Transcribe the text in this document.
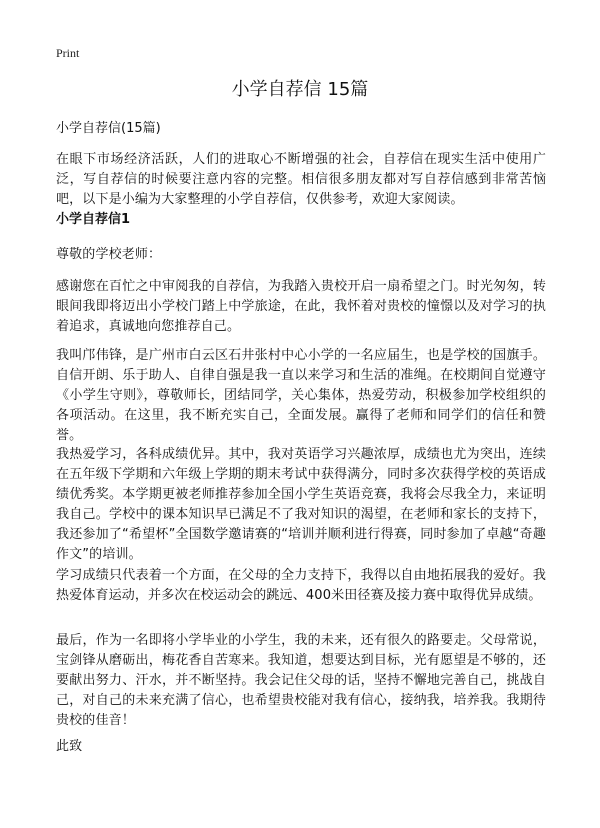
Print
小学自荐信 15篇
小学自荐信(15篇)
在眼下市场经济活跃，人们的进取心不断增强的社会，自荐信在现实生活中使用广泛，写自荐信的时候要注意内容的完整。相信很多朋友都对写自荐信感到非常苦恼吧，以下是小编为大家整理的小学自荐信，仅供参考，欢迎大家阅读。
小学自荐信1
尊敬的学校老师：
感谢您在百忙之中审阅我的自荐信，为我踏入贵校开启一扇希望之门。时光匆匆，转眼间我即将迈出小学校门踏上中学旅途，在此，我怀着对贵校的憧憬以及对学习的执着追求，真诚地向您推荐自己。
我叫邝伟锋，是广州市白云区石井张村中心小学的一名应届生，也是学校的国旗手。自信开朗、乐于助人、自律自强是我一直以来学习和生活的准绳。在校期间自觉遵守《小学生守则》，尊敬师长，团结同学，关心集体，热爱劳动，积极参加学校组织的各项活动。在这里，我不断充实自己，全面发展。赢得了老师和同学们的信任和赞誉。
我热爱学习，各科成绩优异。其中，我对英语学习兴趣浓厚，成绩也尤为突出，连续在五年级下学期和六年级上学期的期末考试中获得满分，同时多次获得学校的英语成绩优秀奖。本学期更被老师推荐参加全国小学生英语竞赛，我将会尽我全力，来证明我自己。学校中的课本知识早已满足不了我对知识的渴望，在老师和家长的支持下，我还参加了“希望杯”全国数学邀请赛的“培训并顺利进行得赛，同时参加了卓越“奇趣作文”的培训。
学习成绩只代表着一个方面，在父母的全力支持下，我得以自由地拓展我的爱好。我热爱体育运动，并多次在校运动会的跳远、400米田径赛及接力赛中取得优异成绩。
最后，作为一名即将小学毕业的小学生，我的未来，还有很久的路要走。父母常说，宝剑锋从磨砺出，梅花香自苦寒来。我知道，想要达到目标，光有愿望是不够的，还要献出努力、汗水，并不断坚持。我会记住父母的话，坚持不懈地完善自己，挑战自己，对自己的未来充满了信心，也希望贵校能对我有信心，接纳我，培养我。我期待贵校的佳音！
此致
